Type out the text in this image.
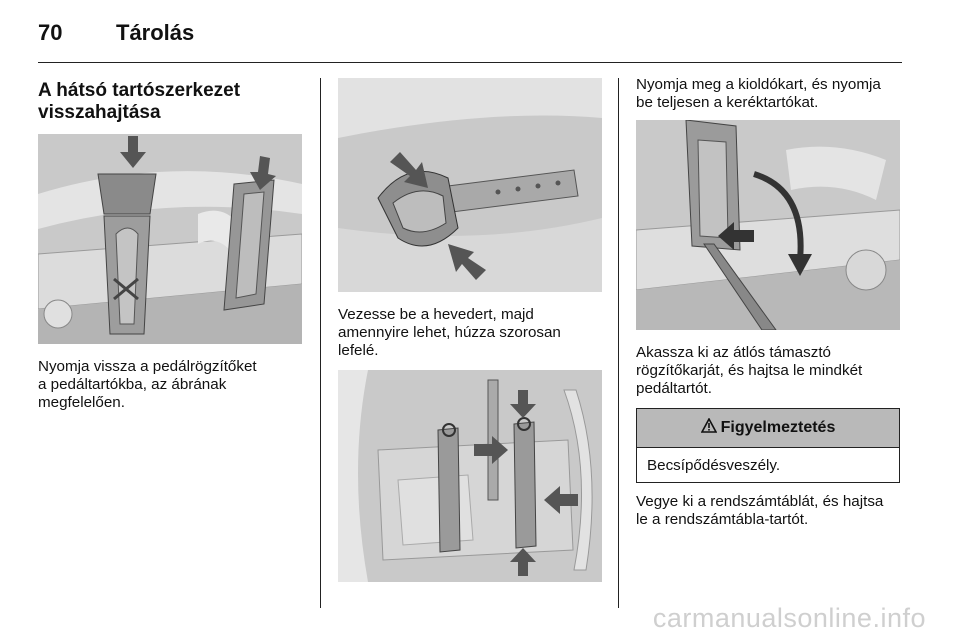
70 Tárolás
A hátsó tartószerkezet
visszahajtása

Nyomja vissza a pedálrögzítőket
a pedáltartókba, az ábrának
megfelelően.

Vezesse be a hevedert, majd
amennyire lehet, húzza szorosan
lefelé.

Nyomja meg a kioldókart, és nyomja
be teljesen a keréktartókat.

Akassza ki az átlós támasztó
rögzítőkarját, és hajtsa le mindkét
pedáltartót.

Figyelmeztetés
Becsípődésveszély.

Vegye ki a rendszámtáblát, és hajtsa
le a rendszámtábla-tartót.

carmanualsonline.info
